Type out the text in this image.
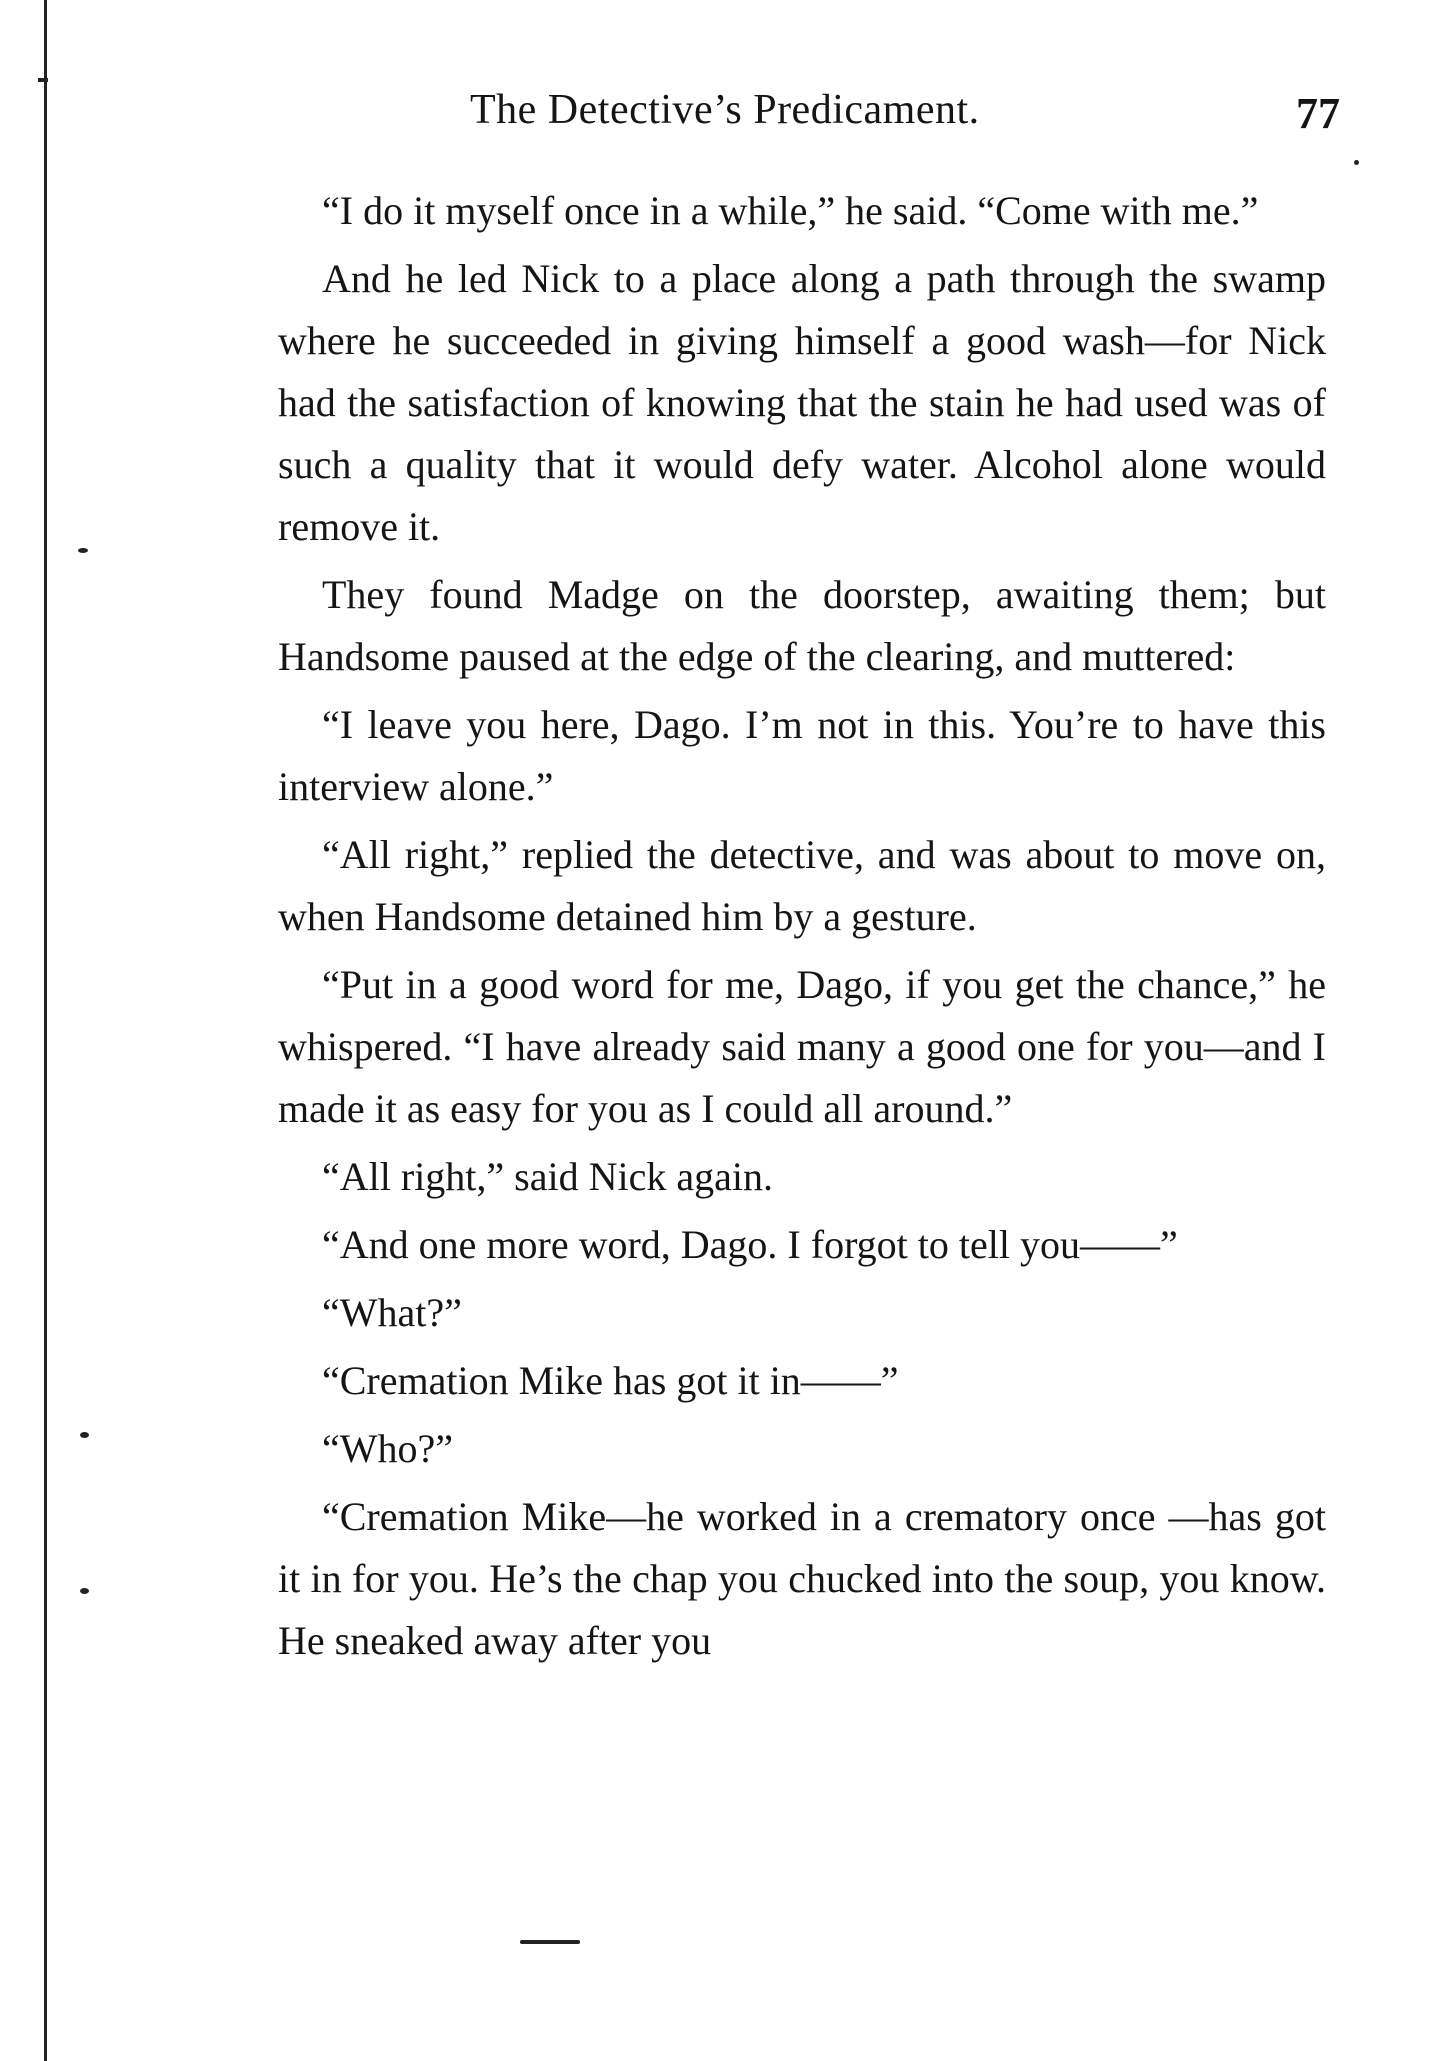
The Detective’s Predicament.	77

“I do it myself once in a while,” he said. “Come with me.”

And he led Nick to a place along a path through the swamp where he succeeded in giving himself a good wash—for Nick had the satisfaction of knowing that the stain he had used was of such a quality that it would defy water. Alcohol alone would remove it.

They found Madge on the doorstep, awaiting them; but Handsome paused at the edge of the clearing, and muttered:

“I leave you here, Dago. I’m not in this. You’re to have this interview alone.”

“All right,” replied the detective, and was about to move on, when Handsome detained him by a gesture.

“Put in a good word for me, Dago, if you get the chance,” he whispered. “I have already said many a good one for you—and I made it as easy for you as I could all around.”

“All right,” said Nick again.

“And one more word, Dago. I forgot to tell you——”

“What?”

“Cremation Mike has got it in——”

“Who?”

“Cremation Mike—he worked in a crematory once —has got it in for you. He’s the chap you chucked into the soup, you know. He sneaked away after you
